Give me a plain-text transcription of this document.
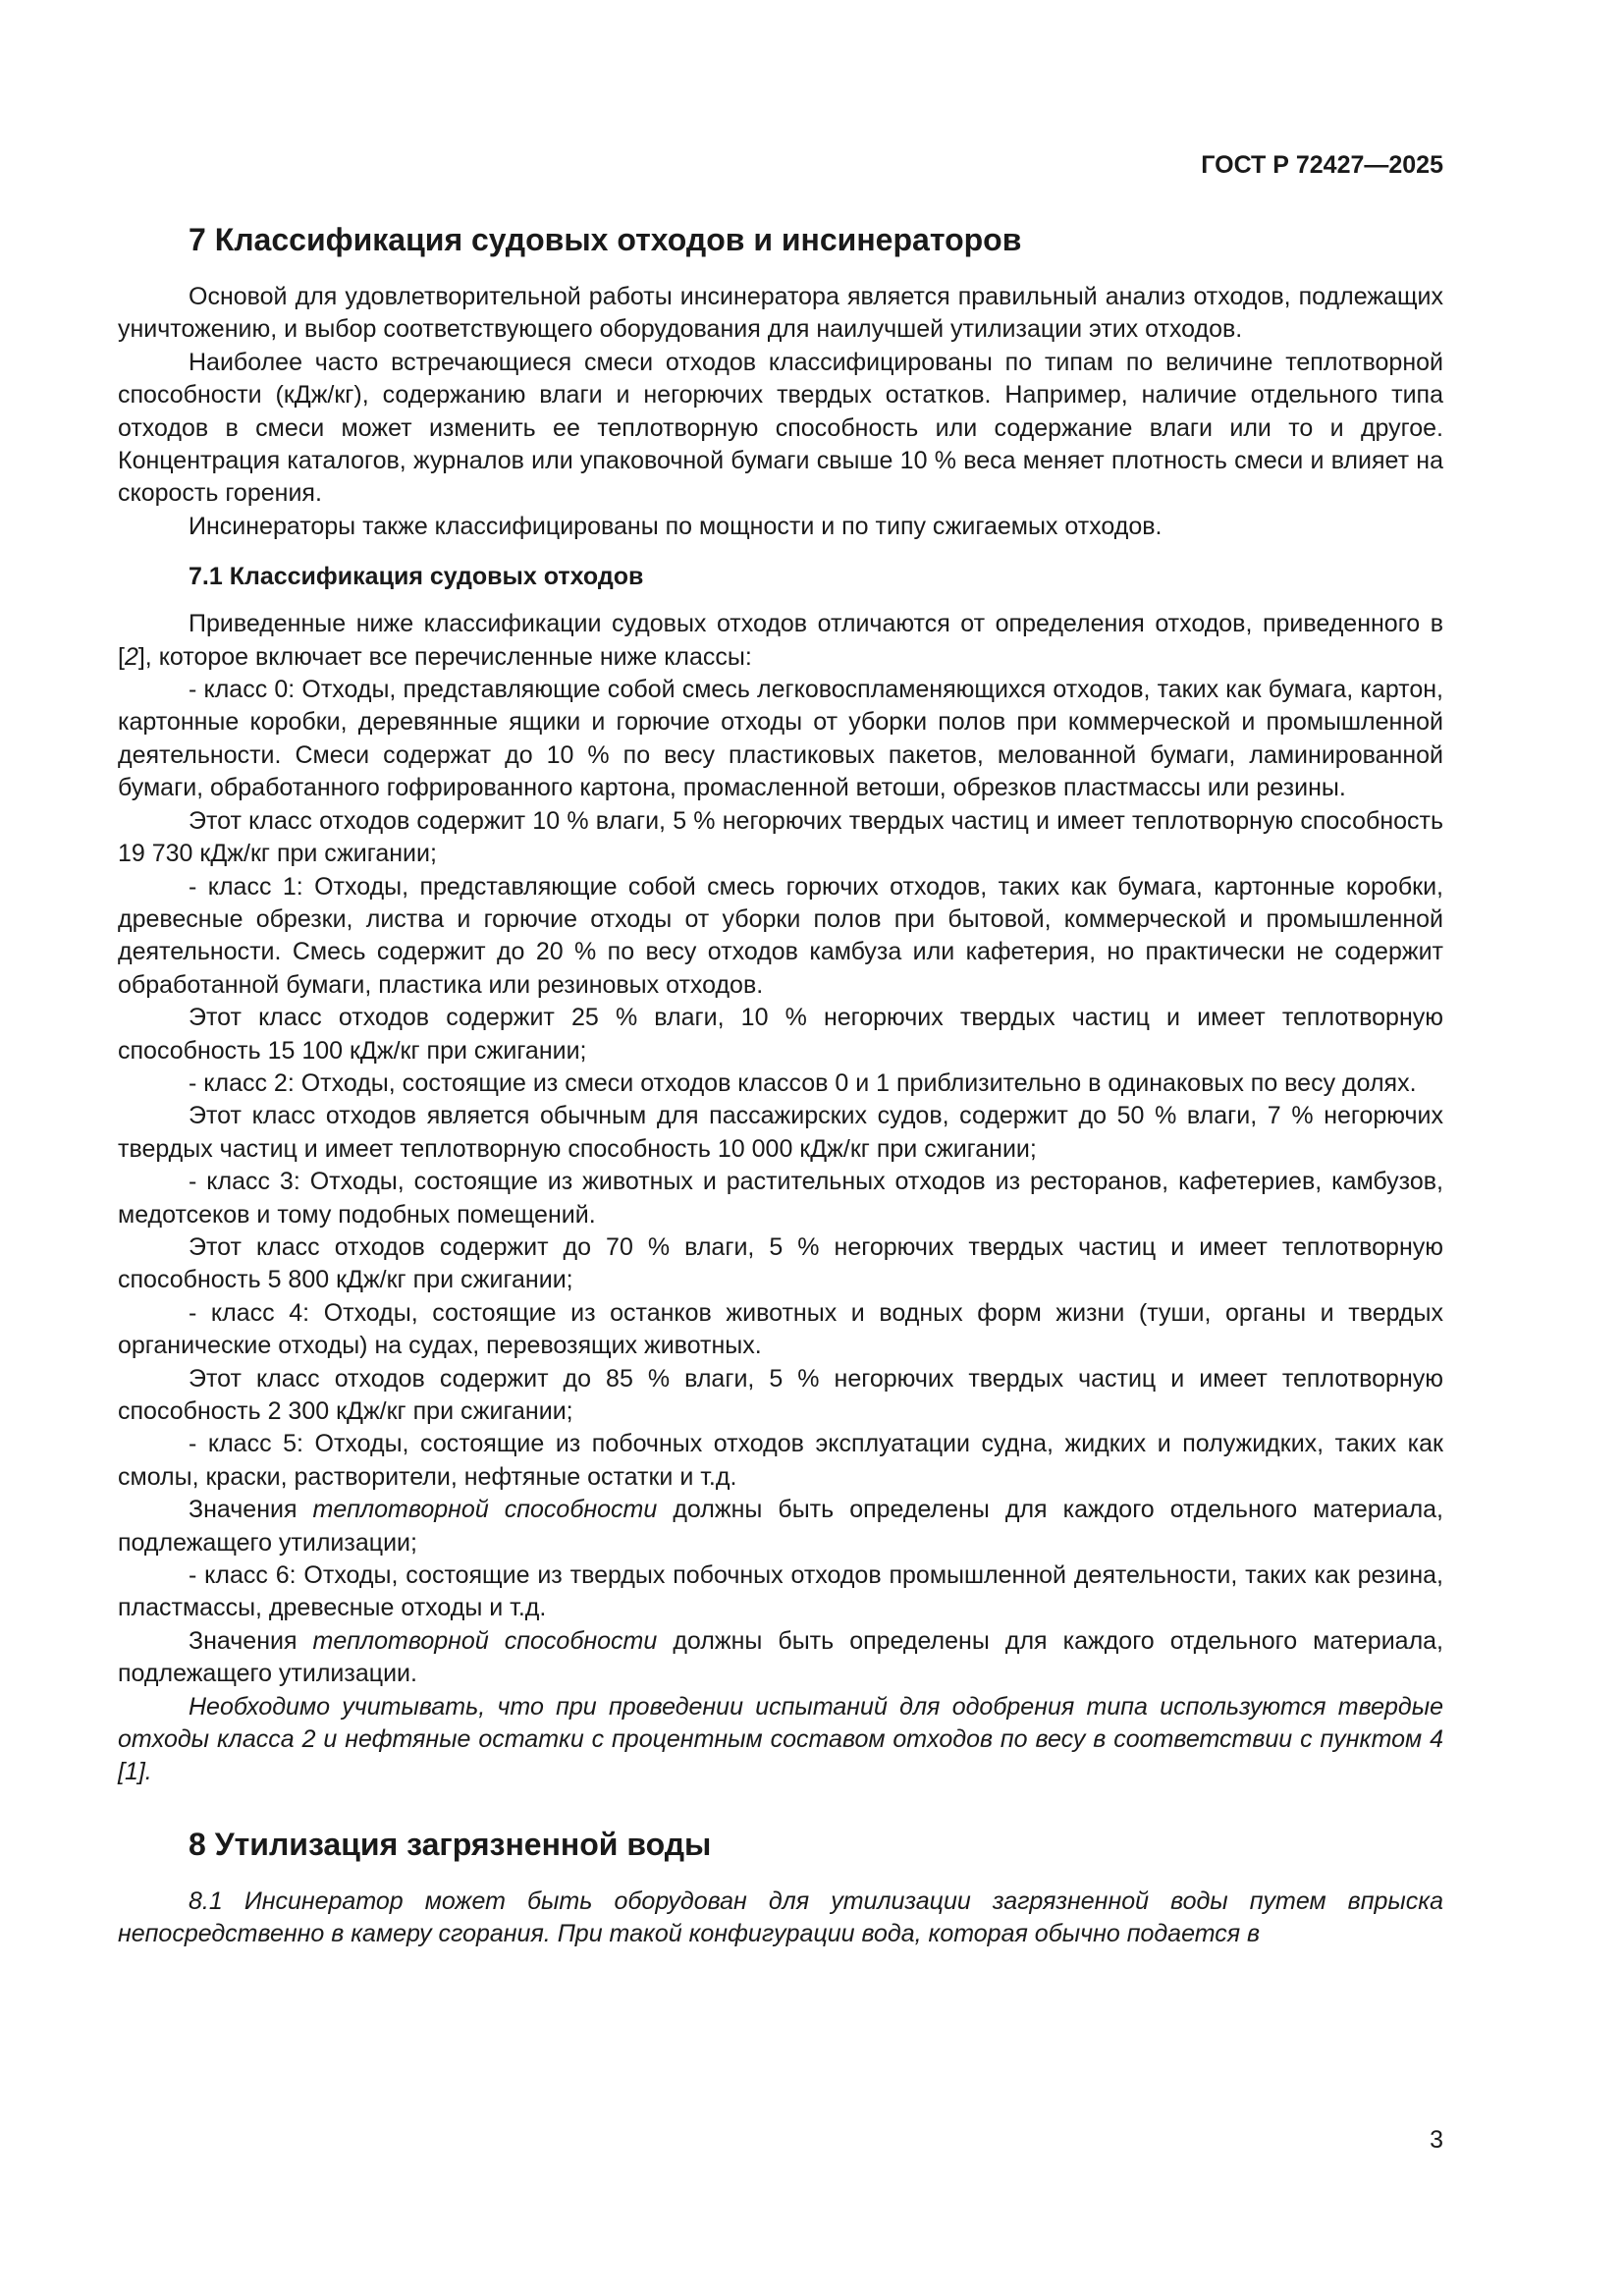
ГОСТ Р 72427—2025

7 Классификация судовых отходов и инсинераторов

Основой для удовлетворительной работы инсинератора является правильный анализ отходов, подлежащих уничтожению, и выбор соответствующего оборудования для наилучшей утилизации этих отходов.

Наиболее часто встречающиеся смеси отходов классифицированы по типам по величине теплотворной способности (кДж/кг), содержанию влаги и негорючих твердых остатков. Например, наличие отдельного типа отходов в смеси может изменить ее теплотворную способность или содержание влаги или то и другое. Концентрация каталогов, журналов или упаковочной бумаги свыше 10 % веса меняет плотность смеси и влияет на скорость горения.

Инсинераторы также классифицированы по мощности и по типу сжигаемых отходов.

7.1 Классификация судовых отходов

Приведенные ниже классификации судовых отходов отличаются от определения отходов, приведенного в [2], которое включает все перечисленные ниже классы:

- класс 0: Отходы, представляющие собой смесь легковоспламеняющихся отходов, таких как бумага, картон, картонные коробки, деревянные ящики и горючие отходы от уборки полов при коммерческой и промышленной деятельности. Смеси содержат до 10 % по весу пластиковых пакетов, мелованной бумаги, ламинированной бумаги, обработанного гофрированного картона, промасленной ветоши, обрезков пластмассы или резины.

Этот класс отходов содержит 10 % влаги, 5 % негорючих твердых частиц и имеет теплотворную способность 19 730 кДж/кг при сжигании;

- класс 1: Отходы, представляющие собой смесь горючих отходов, таких как бумага, картонные коробки, древесные обрезки, листва и горючие отходы от уборки полов при бытовой, коммерческой и промышленной деятельности. Смесь содержит до 20 % по весу отходов камбуза или кафетерия, но практически не содержит обработанной бумаги, пластика или резиновых отходов.

Этот класс отходов содержит 25 % влаги, 10 % негорючих твердых частиц и имеет теплотворную способность 15 100 кДж/кг при сжигании;

- класс 2: Отходы, состоящие из смеси отходов классов 0 и 1 приблизительно в одинаковых по весу долях.

Этот класс отходов является обычным для пассажирских судов, содержит до 50 % влаги, 7 % негорючих твердых частиц и имеет теплотворную способность 10 000 кДж/кг при сжигании;

- класс 3: Отходы, состоящие из животных и растительных отходов из ресторанов, кафетериев, камбузов, медотсеков и тому подобных помещений.

Этот класс отходов содержит до 70 % влаги, 5 % негорючих твердых частиц и имеет теплотворную способность 5 800 кДж/кг при сжигании;

- класс 4: Отходы, состоящие из останков животных и водных форм жизни (туши, органы и твердых органические отходы) на судах, перевозящих животных.

Этот класс отходов содержит до 85 % влаги, 5 % негорючих твердых частиц и имеет теплотворную способность 2 300 кДж/кг при сжигании;

- класс 5: Отходы, состоящие из побочных отходов эксплуатации судна, жидких и полужидких, таких как смолы, краски, растворители, нефтяные остатки и т.д.

Значения теплотворной способности должны быть определены для каждого отдельного материала, подлежащего утилизации;

- класс 6: Отходы, состоящие из твердых побочных отходов промышленной деятельности, таких как резина, пластмассы, древесные отходы и т.д.

Значения теплотворной способности должны быть определены для каждого отдельного материала, подлежащего утилизации.

Необходимо учитывать, что при проведении испытаний для одобрения типа используются твердые отходы класса 2 и нефтяные остатки с процентным составом отходов по весу в соответствии с пунктом 4 [1].

8 Утилизация загрязненной воды

8.1 Инсинератор может быть оборудован для утилизации загрязненной воды путем впрыска непосредственно в камеру сгорания. При такой конфигурации вода, которая обычно подается в

3
